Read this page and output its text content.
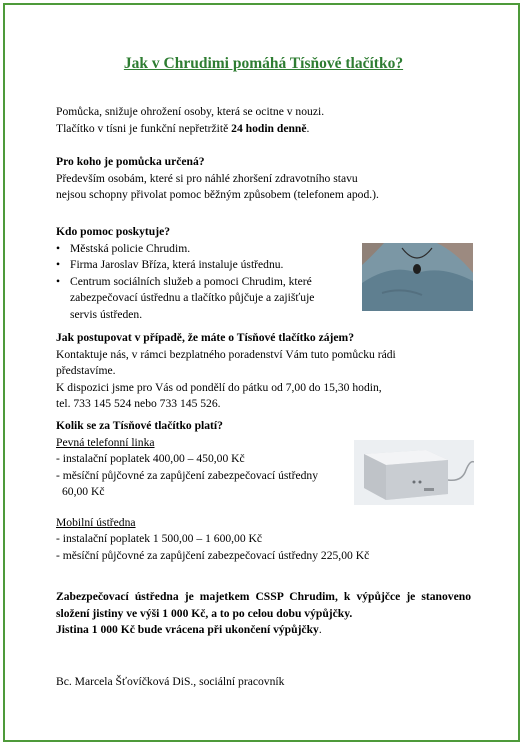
Jak v Chrudimi pomáhá Tísňové tlačítko?

Pomůcka, snižuje ohrožení osoby, která se ocitne v nouzi.

Tlačítko v tísni je funkční nepřetržitě 24 hodin denně.

Pro koho je pomůcka určená?

Především osobám, které si pro náhlé zhoršení zdravotního stavu

nejsou schopny přivolat pomoc běžným způsobem (telefonem apod.).

Kdo pomoc poskytuje?

• Městská policie Chrudim.
• Firma Jaroslav Bříza, která instaluje ústřednu.
• Centrum sociálních služeb a pomoci Chrudim, které zabezpečovací ústřednu a tlačítko půjčuje a zajišťuje servis ústředen.

Jak postupovat v případě, že máte o Tísňové tlačítko zájem?

Kontaktuje nás, v rámci bezplatného poradenství Vám tuto pomůcku rádi představíme.

K dispozici jsme pro Vás od pondělí do pátku od 7,00 do 15,30 hodin,

tel. 733 145 524 nebo 733 145 526.

Kolik se za Tísňové tlačítko platí?

Pevná telefonní linka

- instalační poplatek 400,00 – 450,00 Kč

- měsíční půjčovné za zapůjčení zabezpečovací ústředny

60,00 Kč

Mobilní ústředna

- instalační poplatek 1 500,00 – 1 600,00 Kč

- měsíční půjčovné za zapůjčení zabezpečovací ústředny 225,00 Kč

Zabezpečovací ústředna je majetkem CSSP Chrudim, k výpůjčce je stanoveno složení jistiny ve výši 1 000 Kč, a to po celou dobu výpůjčky.

Jistina 1 000 Kč bude vrácena při ukončení výpůjčky.

Bc. Marcela Šťovíčková DiS., sociální pracovník
